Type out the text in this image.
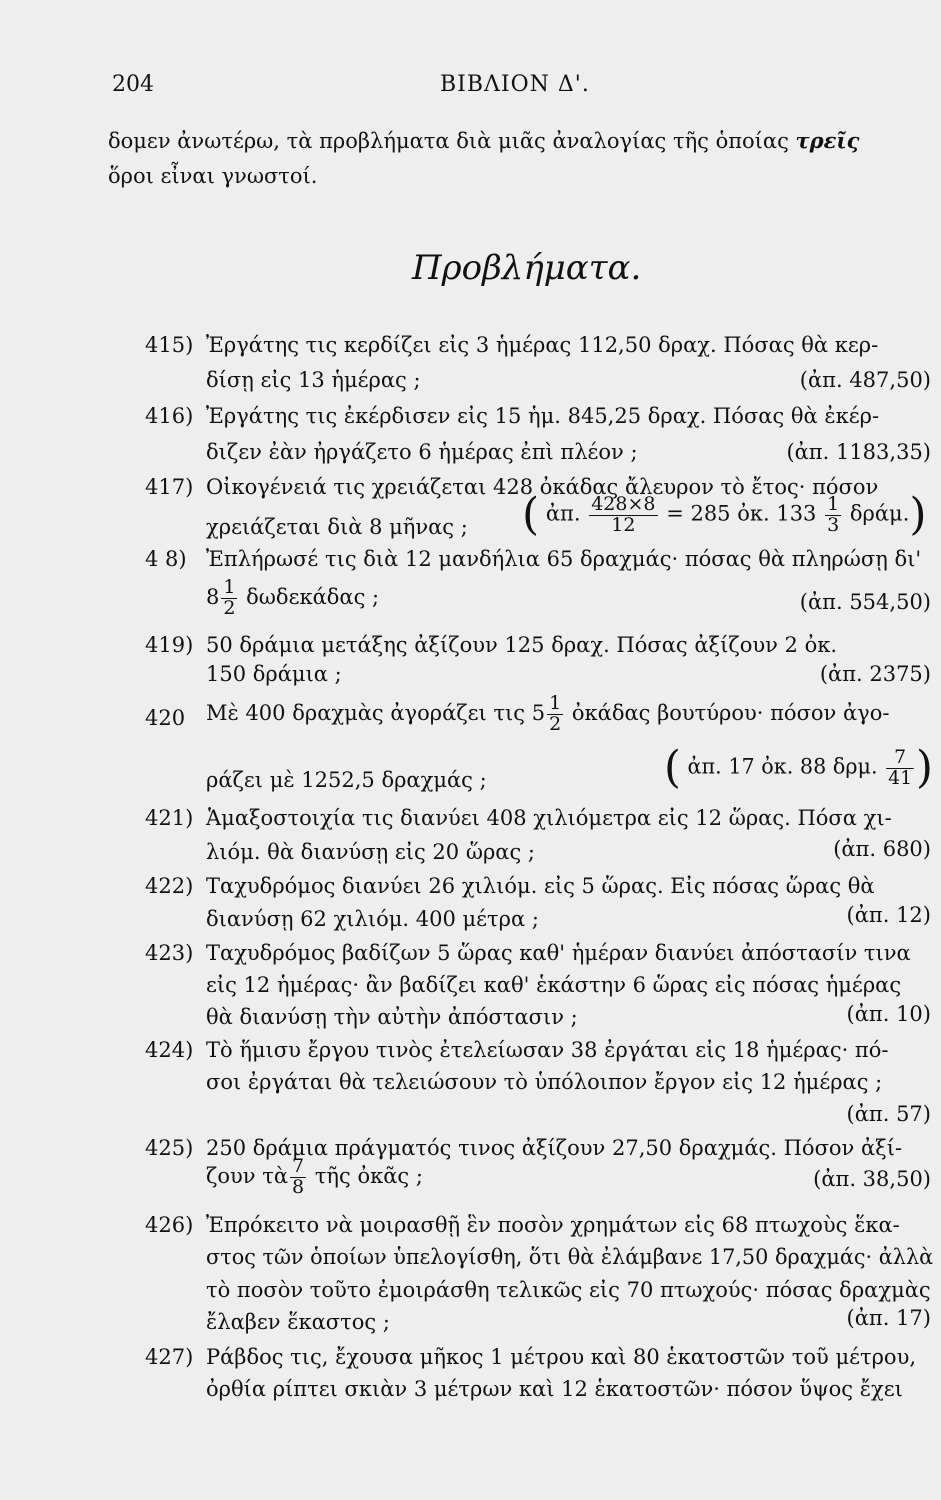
204	ΒΙΒΛΙΟΝ Δ'.
δομεν ἀνωτέρω, τὰ προβλήματα διὰ μιᾶς ἀναλογίας τῆς ὁποίας τρεῖς
ὅροι εἶναι γνωστοί.
Προβλήματα.
415) Ἐργάτης τις κερδίζει εἰς 3 ἡμέρας 112,50 δραχ. Πόσας θὰ κερ-
δίσῃ εἰς 13 ἡμέρας ;	(ἀπ. 487,50)
416) Ἐργάτης τις ἐκέρδισεν εἰς 15 ἡμ. 845,25 δραχ. Πόσας θὰ ἐκέρ-
διζεν ἐὰν ἠργάζετο 6 ἡμέρας ἐπὶ πλέον ;	(ἀπ. 1183,35)
417) Οἰκογένειά τις χρειάζεται 428 ὀκάδας ἄλευρον τὸ ἔτος· πόσον
χρειάζεται διὰ 8 μῆνας ; ( ἀπ. $\frac{428\times 8}{12} = 285$ ὀκ. $133 \frac{1}{3} \delta\rho ά\mu$.)
4 8) Ἐπλήρωσέ τις διὰ 12 μανδήλια 65 δραχμάς· πόσας θὰ πληρώσῃ δι'
$8 \frac{1}{2}$ δωδεκάδας ;	(ἀπ. 554,50)
419) 50 δράμια μετάξης ἀξίζουν 125 δραχ. Πόσας ἀξίζουν 2 ὀκ.
150 δράμια ;	(ἀπ. 2375)
420 Μὲ 400 δραχμὰς ἀγοράζει τις $5 \frac{1}{2}$ ὀκάδας βουτύρου· πόσον ἀγο-
ράζει μὲ 1252,5 δραχμάς ;	( ἀπ. 17 ὀκ. 88 δρμ. $\frac{7}{41}$ )
421) Ἁμαξοστοιχία τις διανύει 408 χιλιόμετρα εἰς 12 ὥρας. Πόσα χι-
λιόμ. θὰ διανύσῃ εἰς 20 ὥρας ;	(ἀπ. 680)
422) Ταχυδρόμος διανύει 26 χιλιόμ. εἰς 5 ὥρας. Εἰς πόσας ὥρας θὰ
διανύσῃ 62 χιλιόμ. 400 μέτρα ;	(ἀπ. 12)
423) Ταχυδρόμος βαδίζων 5 ὥρας καθ' ἡμέραν διανύει ἀπόστασίν τινα
εἰς 12 ἡμέρας· ἂν βαδίζει καθ' ἑκάστην 6 ὥρας εἰς πόσας ἡμέρας
θὰ διανύσῃ τὴν αὐτὴν ἀπόστασιν ;	(ἀπ. 10)
424) Τὸ ἥμισυ ἔργου τινὸς ἐτελείωσαν 38 ἐργάται εἰς 18 ἡμέρας· πό-
σοι ἐργάται θὰ τελειώσουν τὸ ὑπόλοιπον ἔργον εἰς 12 ἡμέρας ;
(ἀπ. 57)
425) 250 δράμια πράγματός τινος ἀξίζουν 27,50 δραχμάς. Πόσον ἀξί-
ζουν τὰ $\frac{7}{8}$ τῆς ὀκᾶς ;	(ἀπ. 38,50)
426) Ἐπρόκειτο νὰ μοιρασθῇ ἓν ποσὸν χρημάτων εἰς 68 πτωχοὺς ἕκα-
στος τῶν ὁποίων ὑπελογίσθη, ὅτι θὰ ἐλάμβανε 17,50 δραχμάς· ἀλλὰ
τὸ ποσὸν τοῦτο ἐμοιράσθη τελικῶς εἰς 70 πτωχούς· πόσας δραχμὰς
ἔλαβεν ἕκαστος ;	(ἀπ. 17)
427) Ράβδος τις, ἔχουσα μῆκος 1 μέτρου καὶ 80 ἑκατοστῶν τοῦ μέτρου,
ὀρθία ρίπτει σκιὰν 3 μέτρων καὶ 12 ἑκατοστῶν· πόσον ὕψος ἔχει
